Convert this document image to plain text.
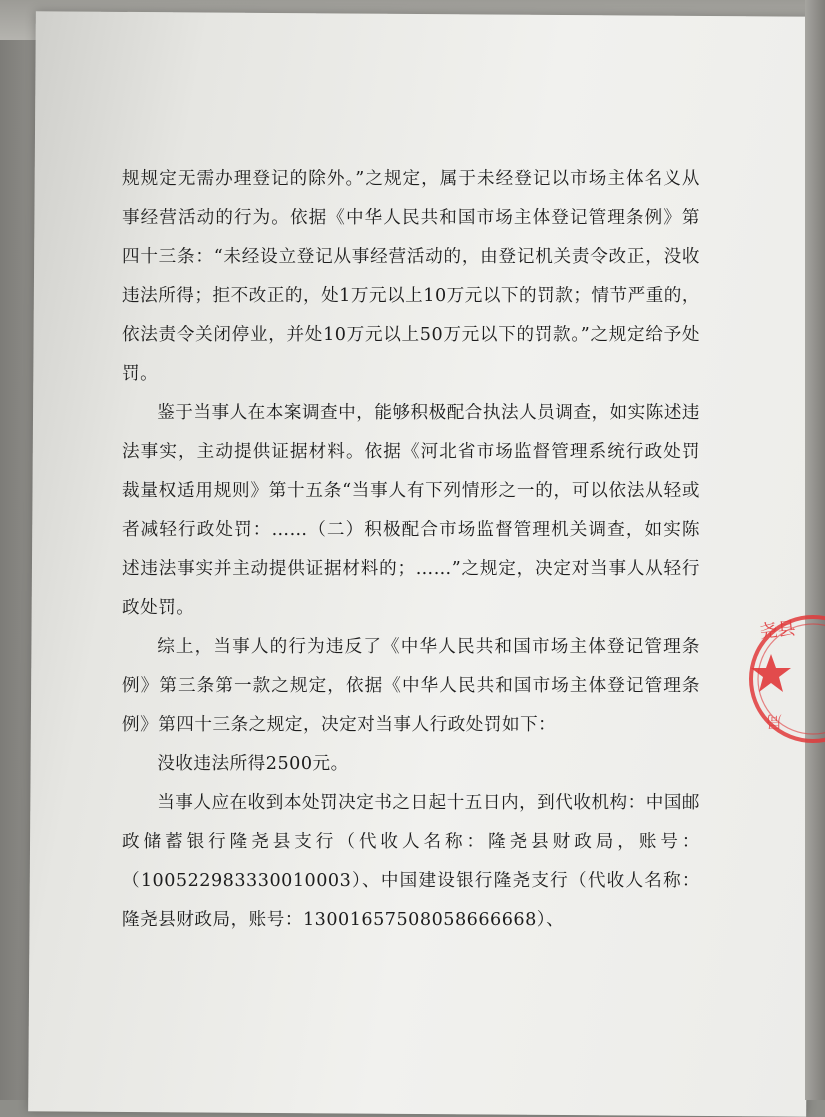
规规定无需办理登记的除外。”之规定，属于未经登记以市场主体名义从事经营活动的行为。依据《中华人民共和国市场主体登记管理条例》第四十三条：“未经设立登记从事经营活动的，由登记机关责令改正，没收违法所得；拒不改正的，处1万元以上10万元以下的罚款；情节严重的，依法责令关闭停业，并处10万元以上50万元以下的罚款。”之规定给予处罚。

鉴于当事人在本案调查中，能够积极配合执法人员调查，如实陈述违法事实，主动提供证据材料。依据《河北省市场监督管理系统行政处罚裁量权适用规则》第十五条“当事人有下列情形之一的，可以依法从轻或者减轻行政处罚：……（二）积极配合市场监督管理机关调查，如实陈述违法事实并主动提供证据材料的；……”之规定，决定对当事人从轻行政处罚。

综上，当事人的行为违反了《中华人民共和国市场主体登记管理条例》第三条第一款之规定，依据《中华人民共和国市场主体登记管理条例》第四十三条之规定，决定对当事人行政处罚如下：

没收违法所得2500元。

当事人应在收到本处罚决定书之日起十五日内，到代收机构：中国邮政储蓄银行隆尧县支行（代收人名称：隆尧县财政局，账号：（100522983330010003）、中国建设银行隆尧支行（代收人名称：隆尧县财政局，账号：13001657508058666668）、

尧县
局
